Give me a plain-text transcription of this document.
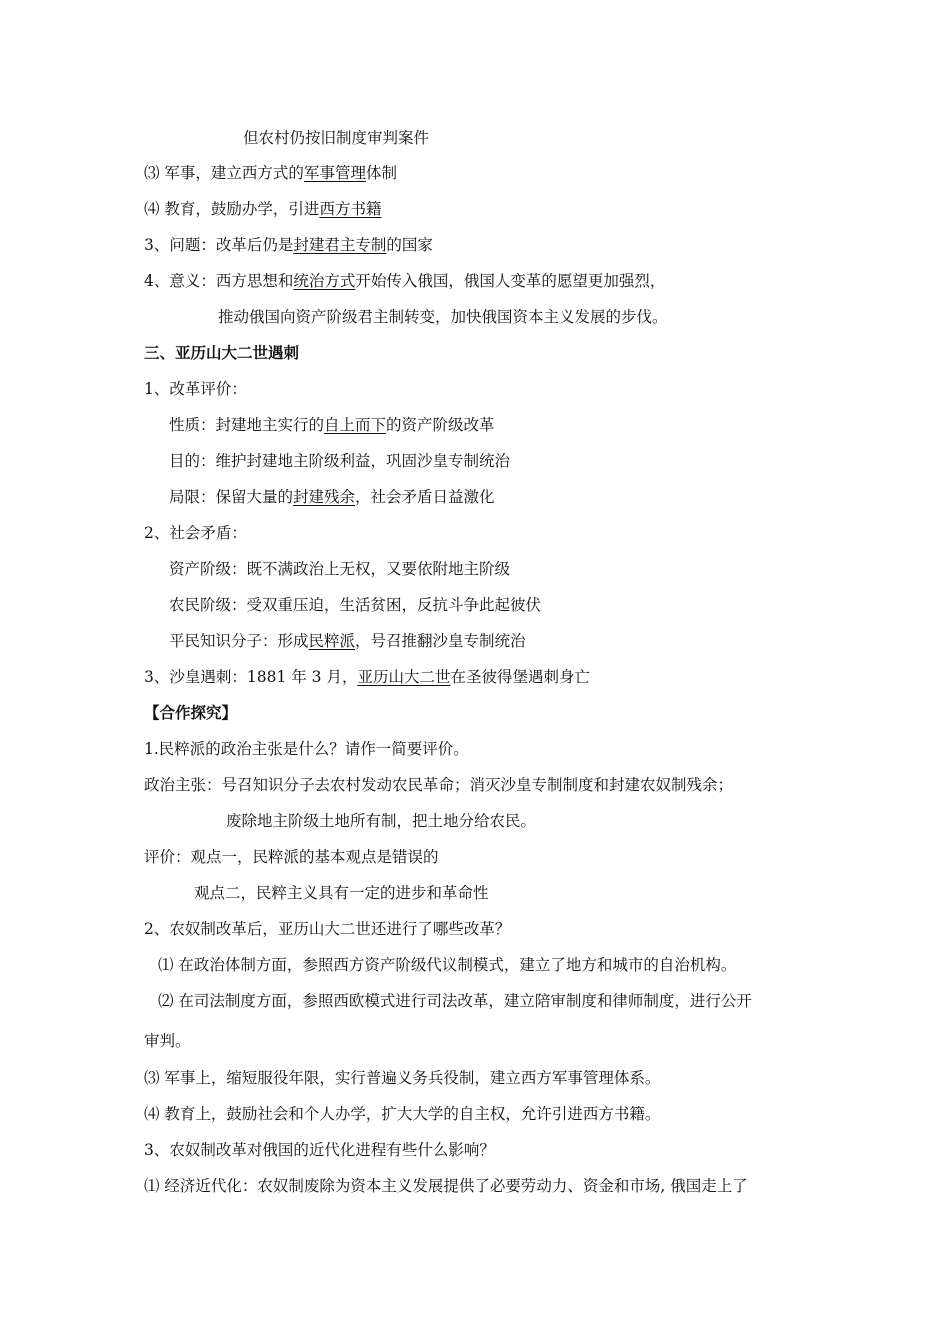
但农村仍按旧制度审判案件
⑶ 军事，建立西方式的军事管理体制
⑷ 教育，鼓励办学，引进西方书籍
3、问题：改革后仍是封建君主专制的国家
4、意义：西方思想和统治方式开始传入俄国，俄国人变革的愿望更加强烈，
推动俄国向资产阶级君主制转变，加快俄国资本主义发展的步伐。
三、亚历山大二世遇刺
1、改革评价：
性质：封建地主实行的自上而下的资产阶级改革
目的：维护封建地主阶级利益，巩固沙皇专制统治
局限：保留大量的封建残余，社会矛盾日益激化
2、社会矛盾：
资产阶级：既不满政治上无权，又要依附地主阶级
农民阶级：受双重压迫，生活贫困，反抗斗争此起彼伏
平民知识分子：形成民粹派，号召推翻沙皇专制统治
3、沙皇遇刺：1881 年 3 月，亚历山大二世在圣彼得堡遇刺身亡
【合作探究】
1.民粹派的政治主张是什么？请作一简要评价。
政治主张：号召知识分子去农村发动农民革命；消灭沙皇专制制度和封建农奴制残余；
废除地主阶级土地所有制，把土地分给农民。
评价：观点一，民粹派的基本观点是错误的
观点二，民粹主义具有一定的进步和革命性
2、农奴制改革后，亚历山大二世还进行了哪些改革？
⑴ 在政治体制方面，参照西方资产阶级代议制模式，建立了地方和城市的自治机构。
⑵ 在司法制度方面，参照西欧模式进行司法改革，建立陪审制度和律师制度，进行公开
审判。
⑶ 军事上，缩短服役年限，实行普遍义务兵役制，建立西方军事管理体系。
⑷ 教育上，鼓励社会和个人办学，扩大大学的自主权，允许引进西方书籍。
3、农奴制改革对俄国的近代化进程有些什么影响？
⑴ 经济近代化：农奴制废除为资本主义发展提供了必要劳动力、资金和市场, 俄国走上了
